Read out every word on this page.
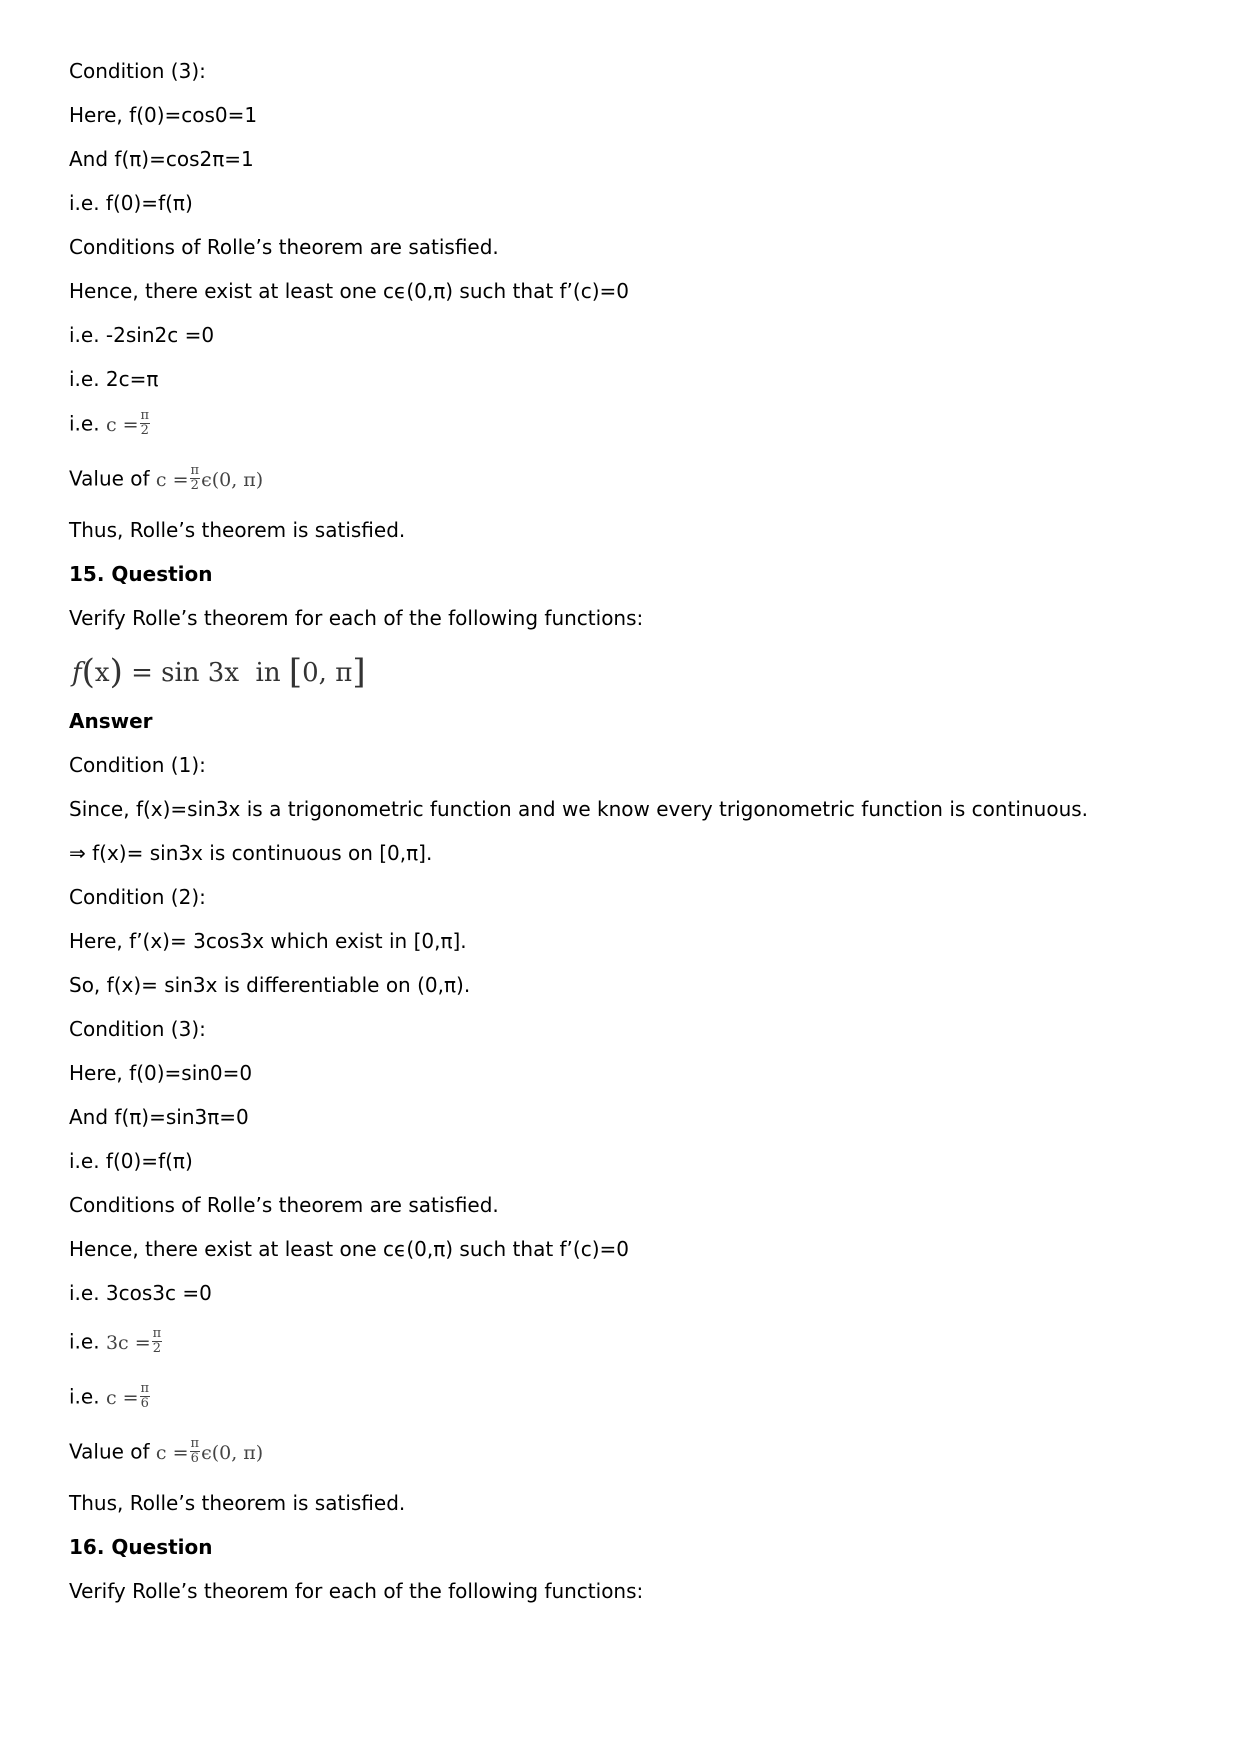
Condition (3):
Here, f(0)=cos0=1
And f(π)=cos2π=1
i.e. f(0)=f(π)
Conditions of Rolle’s theorem are satisfied.
Hence, there exist at least one cϵ(0,π) such that f’(c)=0
i.e. -2sin2c =0
i.e. 2c=π
i.e. $c = \frac{\pi}{2}$
Value of $c = \frac{\pi}{2} \epsilon(0$, π)
Thus, Rolle’s theorem is satisfied.
15. Question
Verify Rolle’s theorem for each of the following functions:
f(x) = sin 3x  in [0, π]
Answer
Condition (1):
Since, f(x)=sin3x is a trigonometric function and we know every trigonometric function is continuous.
⇒ f(x)= sin3x is continuous on [0,π].
Condition (2):
Here, f’(x)= 3cos3x which exist in [0,π].
So, f(x)= sin3x is differentiable on (0,π).
Condition (3):
Here, f(0)=sin0=0
And f(π)=sin3π=0
i.e. f(0)=f(π)
Conditions of Rolle’s theorem are satisfied.
Hence, there exist at least one cϵ(0,π) such that f’(c)=0
i.e. 3cos3c =0
i.e. $3c = \frac{\pi}{2}$
i.e. $c = \frac{\pi}{6}$
Value of $c = \frac{\pi}{6} \epsilon(0$, π)
Thus, Rolle’s theorem is satisfied.
16. Question
Verify Rolle’s theorem for each of the following functions:
